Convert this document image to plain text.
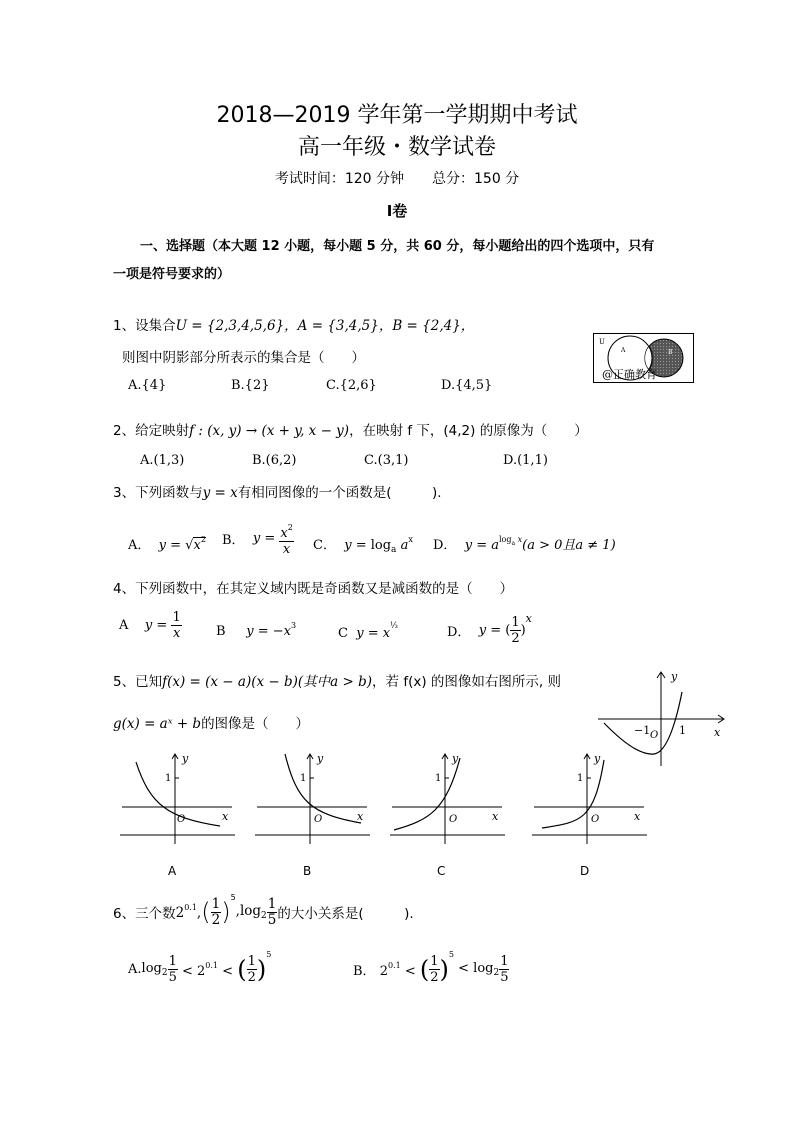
2018—2019 学年第一学期期中考试
高一年级・数学试卷
考试时间：120 分钟　　总分：150 分
Ⅰ卷
一、选择题（本大题 12 小题，每小题 5 分，共 60 分，每小题给出的四个选项中，只有
一项是符号要求的）
1、设集合U = {2,3,4,5,6}，A = {3,4,5}，B = {2,4}，
则图中阴影部分所表示的集合是（　　）
A.{4}	B.{2}	C.{2,6}	D.{4,5}
U
A	B
@正确教育
2、给定映射f : (x, y) → (x + y, x − y)，在映射 f 下，(4,2) 的原像为（　　）
A.(1,3)	B.(6,2)	C.(3,1)	D.(1,1)
3、下列函数与y = x有相同图像的一个函数是(　　　).
A． $y = √x^2$ B． $y = \frac{x^2}{x}$ C． $y = \log_a a^x$ D． $y = a^{log_a x}(a > 0$且a ≠ 1)
4、下列函数中，在其定义域内既是奇函数又是减函数的是（　　）
A $y = \frac{1}{x}$	B $y = -x^3$
C $y = x^{\frac{1}{3}}$	D． y = ( $\frac{1}{2} )^x$
5、已知f(x) = (x − a)(x − b)(其中a > b)，若 f(x) 的图像如右图所示, 则
g(x) = aˣ + b的图像是（　　）
y
x
−1 O 1
y
x
1
O
y
x
1
O
y
x
1
O
y
x
1
O
A	B	C	D
6、三个数$2^{0.1},( \frac{1}{2} )^5,\log_2 \frac{1}{5}$ 的大小关系是(　　　).
$A.\log_2 \frac{1}{5} < 2^{0.1}$ < ( $\frac{1}{2} )^5$
B． $2^{0.1}$ < ( $\frac{1}{2} )^5 < \log_2 \frac{1}{5}$
